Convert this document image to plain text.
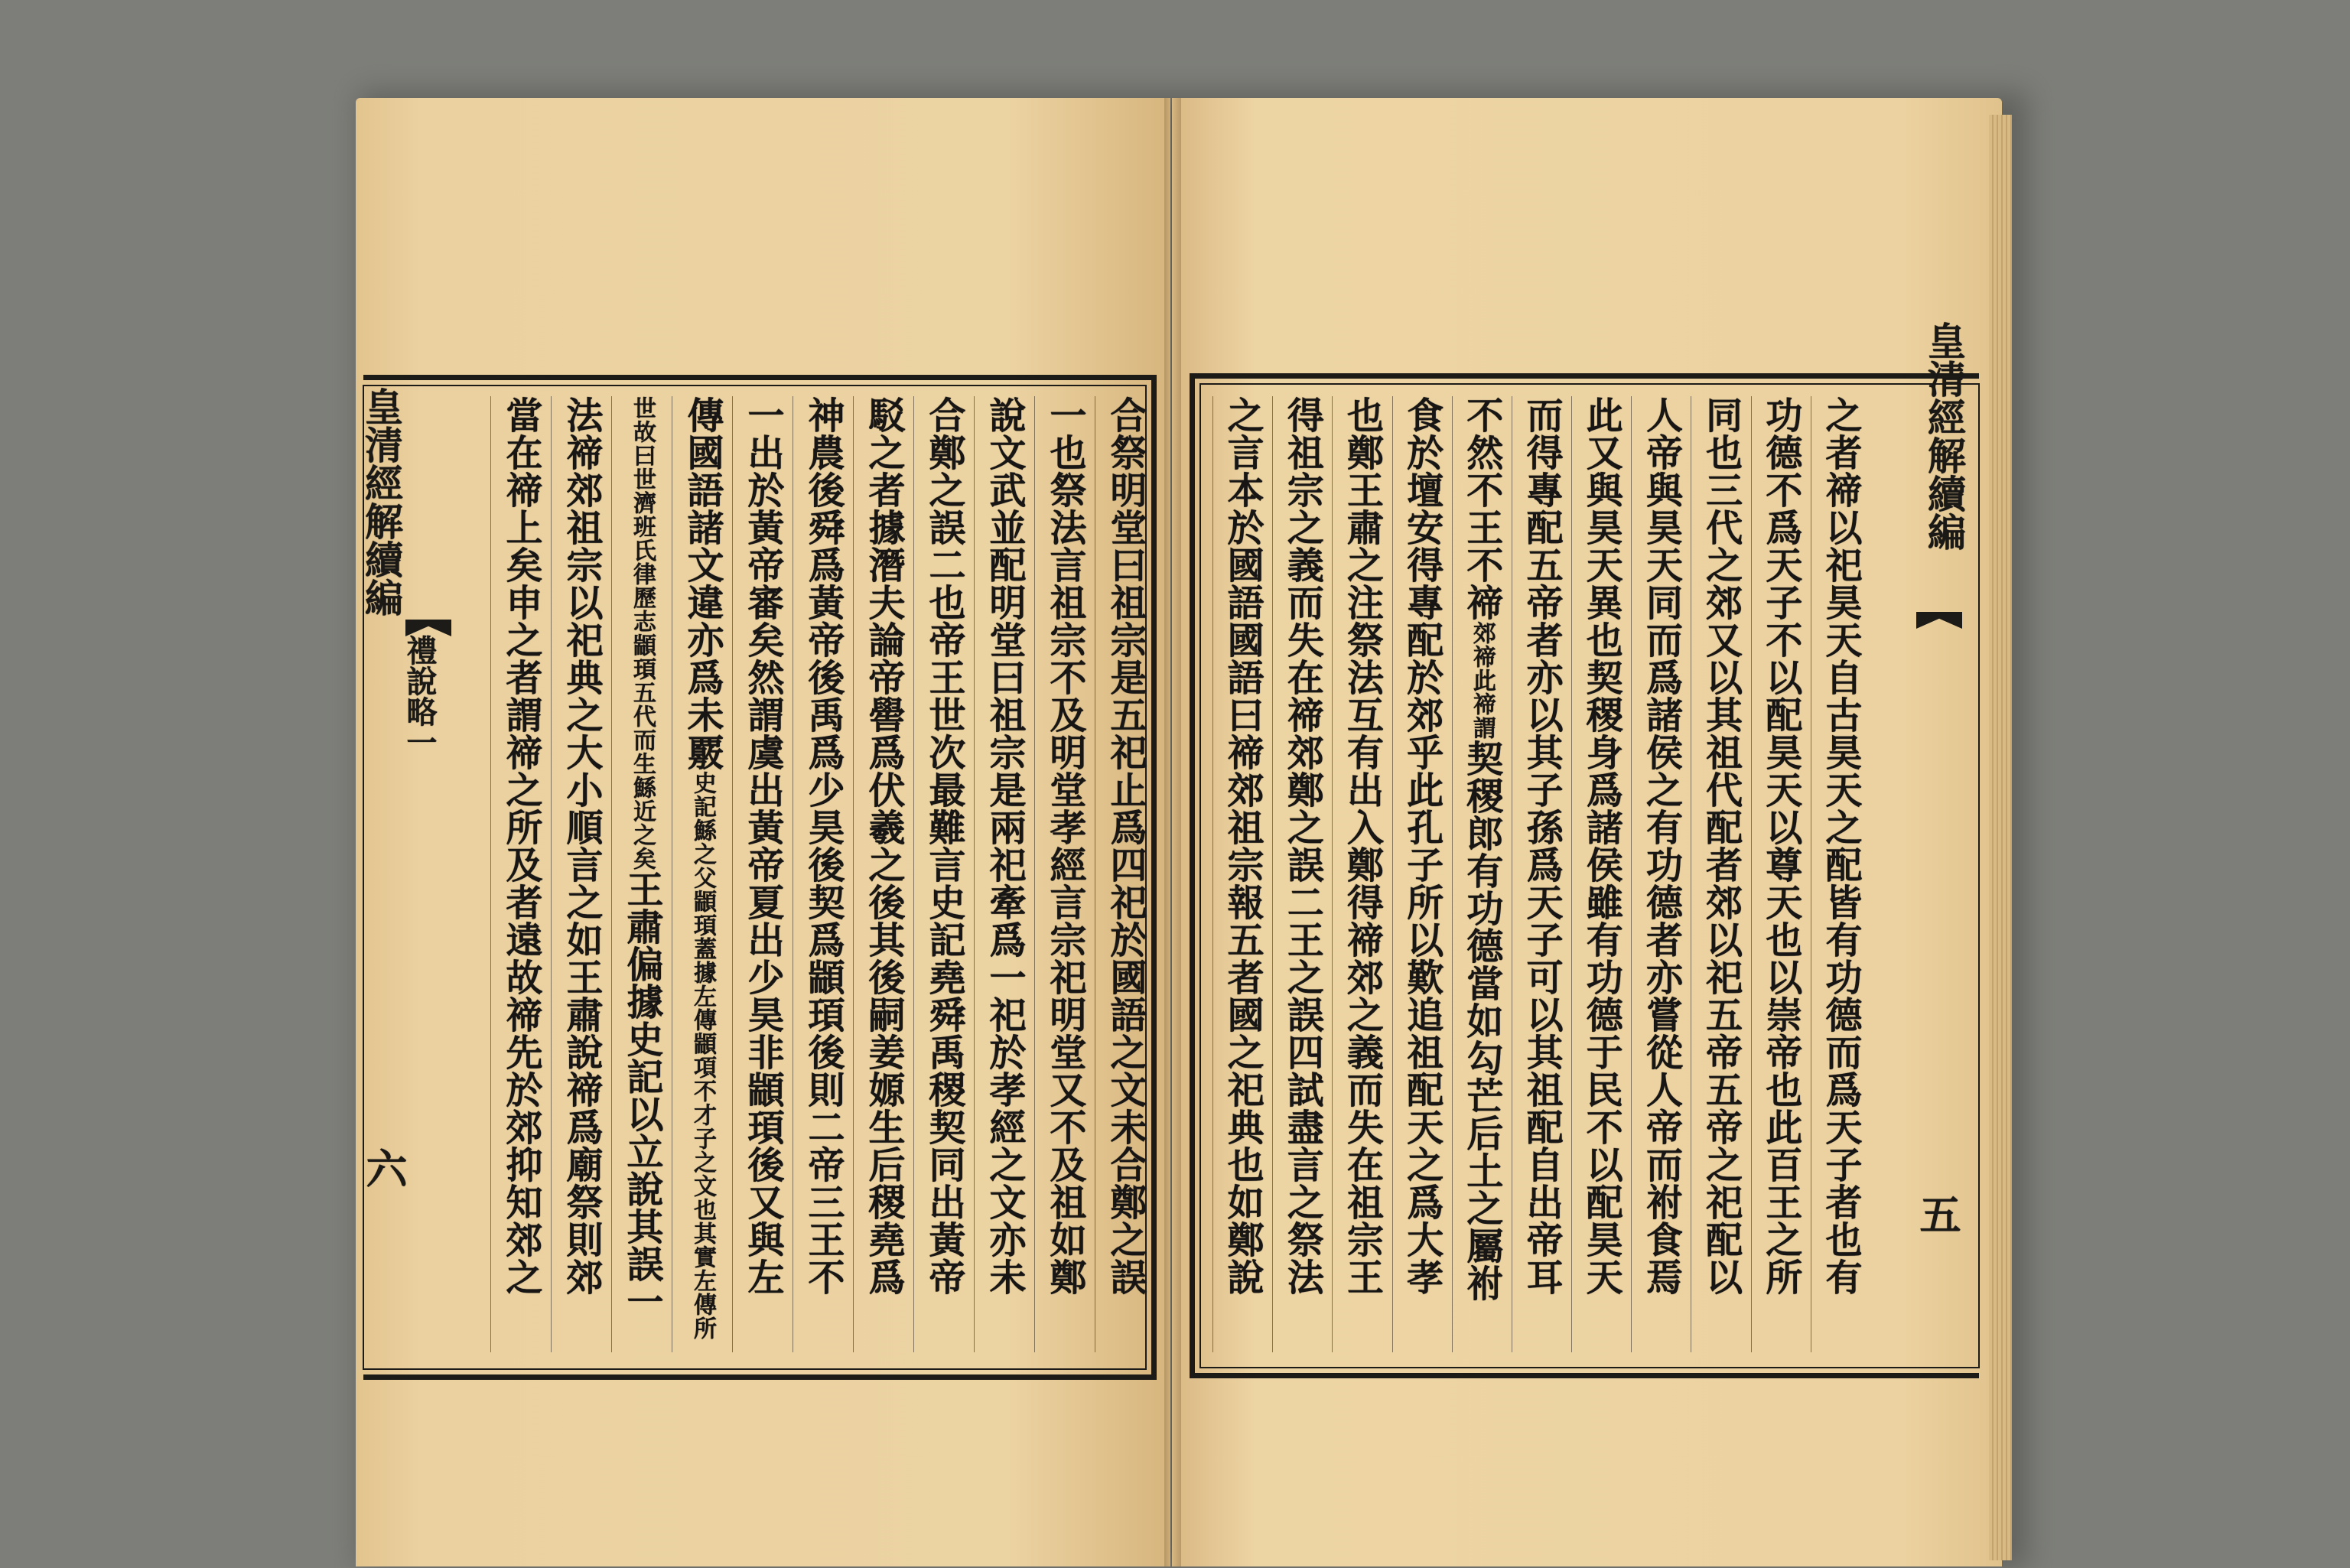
皇清經解續編
禮說略一
六
皇清經解續編
五
合祭明堂曰祖宗是五祀止爲四祀於國語之文未合鄭之誤
一也祭法言祖宗不及明堂孝經言宗祀明堂又不及祖如鄭
說文武並配明堂曰祖宗是兩祀牽爲一祀於孝經之文亦未
合鄭之誤二也帝王世次最難言史記堯舜禹稷契同出黃帝
駁之者據潛夫論帝嚳爲伏羲之後其後嗣姜嫄生后稷堯爲
神農後舜爲黃帝後禹爲少昊後契爲顓頊後則二帝三王不
一出於黃帝審矣然謂虞出黃帝夏出少昊非顓頊後又與左
傳國語諸文違亦爲未覈史記鯀之父顓頊蓋據左傳顓項不才子之文也其實左傳所
世故曰世濟班氏律歷志顓頊五代而生鯀近之矣王肅偏據史記以立說其誤一
法禘郊祖宗以祀典之大小順言之如王肅說禘爲廟祭則郊
當在禘上矣申之者謂禘之所及者遠故禘先於郊抑知郊之	之者禘以祀昊天自古昊天之配皆有功德而爲天子者也有
功德不爲天子不以配昊天以尊天也以崇帝也此百王之所
同也三代之郊又以其祖代配者郊以祀五帝五帝之祀配以
人帝與昊天同而爲諸侯之有功德者亦嘗從人帝而祔食焉
此又與昊天異也契稷身爲諸侯雖有功德于民不以配昊天
而得專配五帝者亦以其子孫爲天子可以其祖配自出帝耳
不然不王不禘郊禘此禘謂契稷郎有功德當如勾芒后土之屬祔
食於壇安得專配於郊乎此孔子所以歎追祖配天之爲大孝
也鄭王肅之注祭法互有出入鄭得禘郊之義而失在祖宗王
得祖宗之義而失在禘郊鄭之誤二王之誤四試盡言之祭法
之言本於國語國語曰禘郊祖宗報五者國之祀典也如鄭說
